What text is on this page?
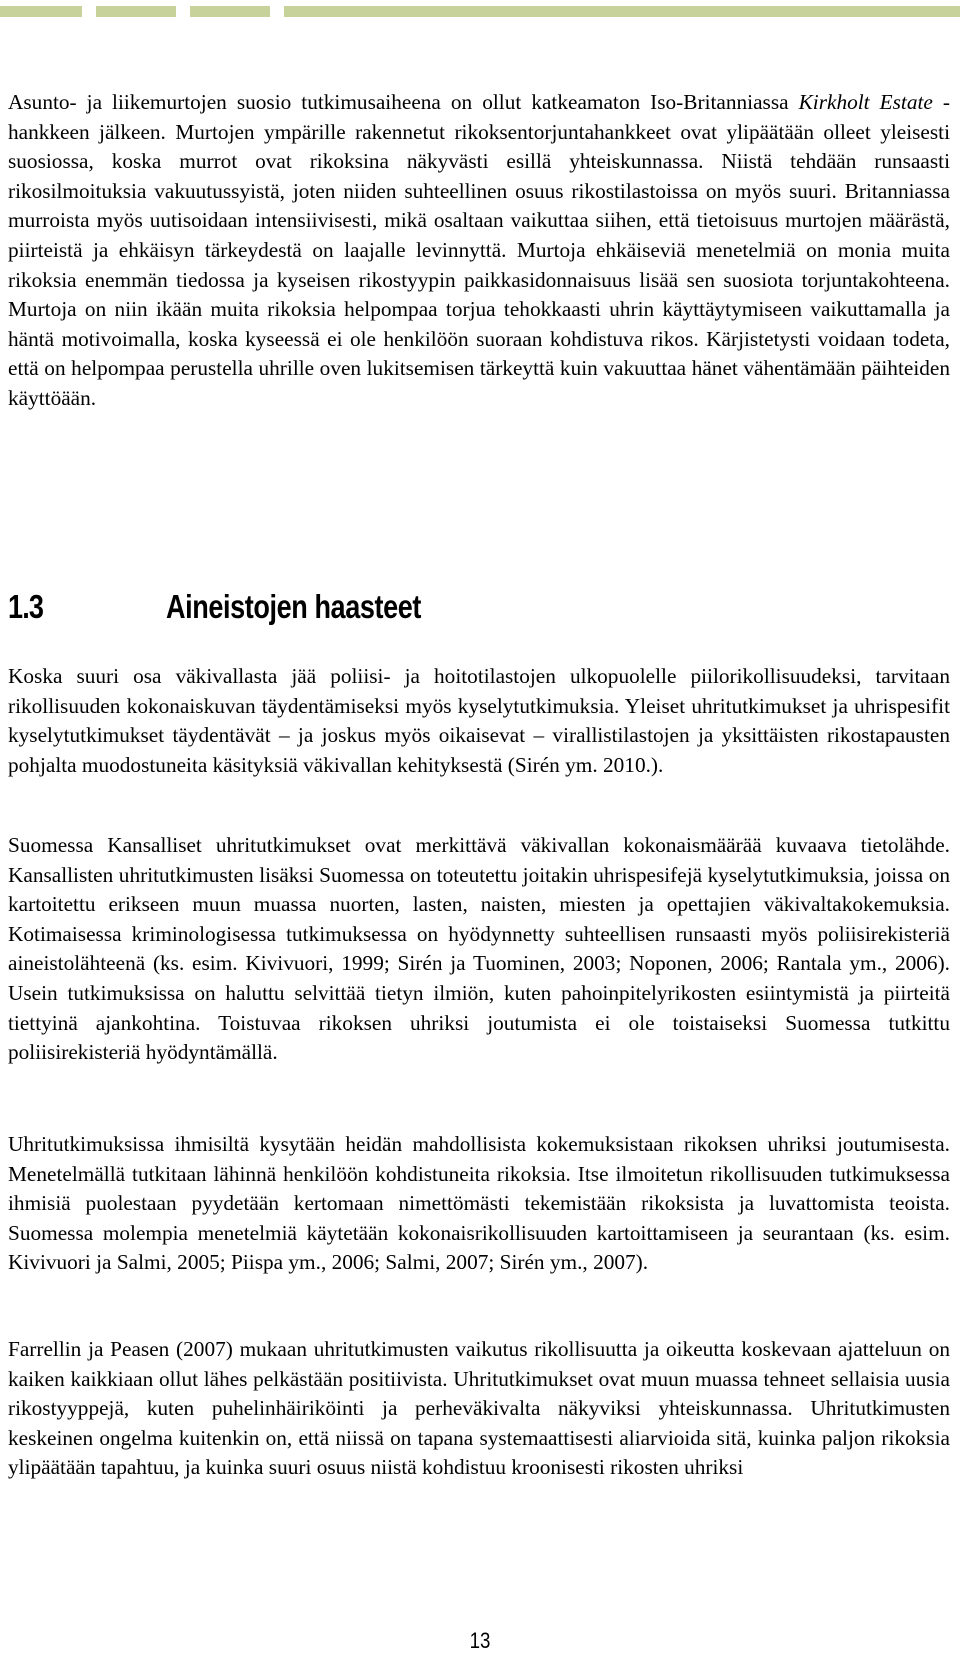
Asunto- ja liikemurtojen suosio tutkimusaiheena on ollut katkeamaton Iso-Britanniassa Kirkholt Estate -hankkeen jälkeen. Murtojen ympärille rakennetut rikoksentorjuntahankkeet ovat ylipäätään olleet yleisesti suosiossa, koska murrot ovat rikoksina näkyvästi esillä yhteiskunnassa. Niistä tehdään runsaasti rikosilmoituksia vakuutussyistä, joten niiden suhteellinen osuus rikostilastoissa on myös suuri. Britanniassa murroista myös uutisoidaan intensiivisesti, mikä osaltaan vaikuttaa siihen, että tietoisuus murtojen määrästä, piirteistä ja ehkäisyn tärkeydestä on laajalle levinnyttä. Murtoja ehkäiseviä menetelmiä on monia muita rikoksia enemmän tiedossa ja kyseisen rikostyypin paikkasidonnaisuus lisää sen suosiota torjuntakohteena. Murtoja on niin ikään muita rikoksia helpompaa torjua tehokkaasti uhrin käyttäytymiseen vaikuttamalla ja häntä motivoimalla, koska kyseessä ei ole henkilöön suoraan kohdistuva rikos. Kärjistetysti voidaan todeta, että on helpompaa perustella uhrille oven lukitsemisen tärkeyttä kuin vakuuttaa hänet vähentämään päihteiden käyttöään.

1.3	Aineistojen haasteet

Koska suuri osa väkivallasta jää poliisi- ja hoitotilastojen ulkopuolelle piilorikollisuudeksi, tarvitaan rikollisuuden kokonaiskuvan täydentämiseksi myös kyselytutkimuksia. Yleiset uhritutkimukset ja uhrispesifit kyselytutkimukset täydentävät – ja joskus myös oikaisevat – virallistilastojen ja yksittäisten rikostapausten pohjalta muodostuneita käsityksiä väkivallan kehityksestä (Sirén ym. 2010.).

Suomessa Kansalliset uhritutkimukset ovat merkittävä väkivallan kokonaismäärää kuvaava tietolähde. Kansallisten uhritutkimusten lisäksi Suomessa on toteutettu joitakin uhrispesifejä kyselytutkimuksia, joissa on kartoitettu erikseen muun muassa nuorten, lasten, naisten, miesten ja opettajien väkivaltakokemuksia. Kotimaisessa kriminologisessa tutkimuksessa on hyödynnetty suhteellisen runsaasti myös poliisirekisteriä aineistolähteenä (ks. esim. Kivivuori, 1999; Sirén ja Tuominen, 2003; Noponen, 2006; Rantala ym., 2006). Usein tutkimuksissa on haluttu selvittää tietyn ilmiön, kuten pahoinpitelyrikosten esiintymistä ja piirteitä tiettyinä ajankohtina. Toistuvaa rikoksen uhriksi joutumista ei ole toistaiseksi Suomessa tutkittu poliisirekisteriä hyödyntämällä.

Uhritutkimuksissa ihmisiltä kysytään heidän mahdollisista kokemuksistaan rikoksen uhriksi joutumisesta. Menetelmällä tutkitaan lähinnä henkilöön kohdistuneita rikoksia. Itse ilmoitetun rikollisuuden tutkimuksessa ihmisiä puolestaan pyydetään kertomaan nimettömästi tekemistään rikoksista ja luvattomista teoista. Suomessa molempia menetelmiä käytetään kokonaisrikollisuuden kartoittamiseen ja seurantaan (ks. esim. Kivivuori ja Salmi, 2005; Piispa ym., 2006; Salmi, 2007; Sirén ym., 2007).

Farrellin ja Peasen (2007) mukaan uhritutkimusten vaikutus rikollisuutta ja oikeutta koskevaan ajatteluun on kaiken kaikkiaan ollut lähes pelkästään positiivista. Uhritutkimukset ovat muun muassa tehneet sellaisia uusia rikostyyppejä, kuten puhelinhäiriköinti ja perheväkivalta näkyviksi yhteiskunnassa. Uhritutkimusten keskeinen ongelma kuitenkin on, että niissä on tapana systemaattisesti aliarvioida sitä, kuinka paljon rikoksia ylipäätään tapahtuu, ja kuinka suuri osuus niistä kohdistuu kroonisesti rikosten uhriksi

13
